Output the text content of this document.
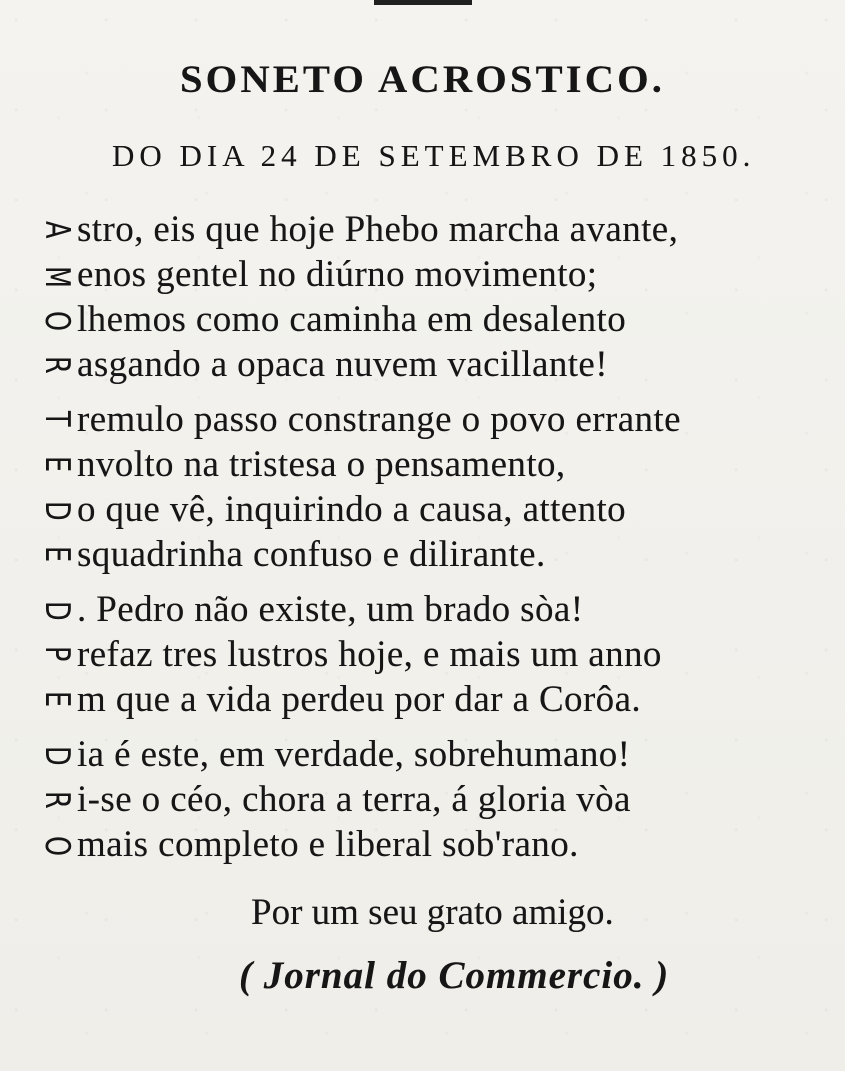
SONETO ACROSTICO.
DO DIA 24 DE SETEMBRO DE 1850.
A stro, eis que hoje Phebo marcha avante,
M enos gentel no diúrno movimento;
O lhemos como caminha em desalento
R asgando a opaca nuvem vacillante!
T remulo passo constrange o povo errante
E nvolto na tristesa o pensamento,
D o que vê, inquirindo a causa, attento
E squadrinha confuso e dilirante.
D . Pedro não existe, um brado sòa!
P refaz tres lustros hoje, e mais um anno
E m que a vida perdeu por dar a Corôa.
D ia é este, em verdade, sobrehumano!
R i-se o céo, chora a terra, á gloria vòa
O mais completo e liberal sob'rano.
Por um seu grato amigo.
( Jornal do Commercio. )
